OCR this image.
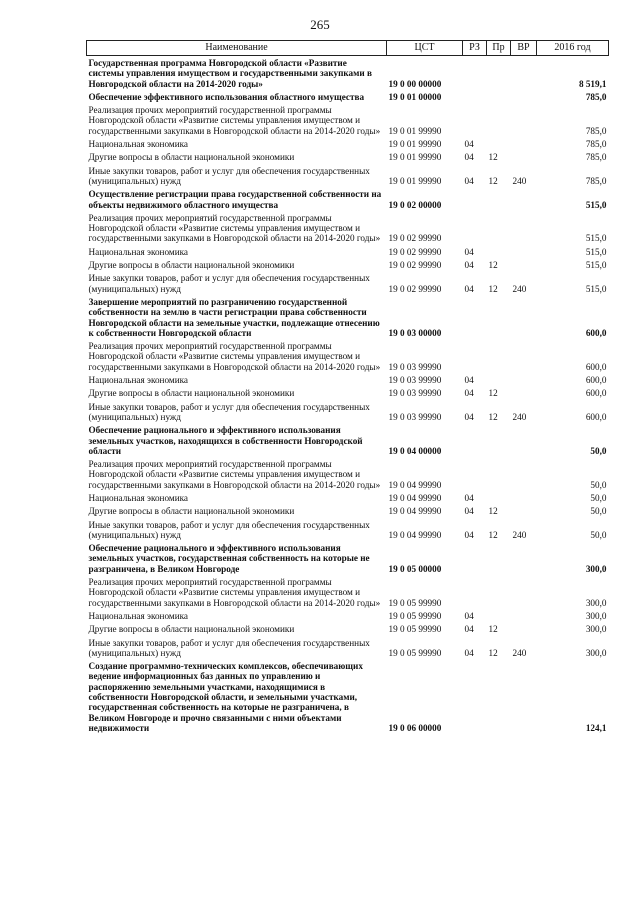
265
Наименование	ЦСТ	РЗ	Пр	ВР	2016 год
Государственная программа Новгородской области «Развитие системы управления имуществом и государственными закупками в Новгородской области на 2014-2020 годы»	19 0 00 00000				8 519,1
Обеспечение эффективного использования областного имущества	19 0 01 00000				785,0
Реализация прочих мероприятий государственной программы Новгородской области «Развитие системы управления имуществом и государственными закупками в Новгородской области на 2014-2020 годы»	19 0 01 99990				785,0
Национальная экономика	19 0 01 99990	04			785,0
Другие вопросы в области национальной экономики	19 0 01 99990	04	12		785,0
Иные закупки товаров, работ и услуг для обеспечения государственных (муниципальных) нужд	19 0 01 99990	04	12	240	785,0
Осуществление регистрации права государственной собственности на объекты недвижимого областного имущества	19 0 02 00000				515,0
Реализация прочих мероприятий государственной программы Новгородской области «Развитие системы управления имуществом и государственными закупками в Новгородской области на 2014-2020 годы»	19 0 02 99990				515,0
Национальная экономика	19 0 02 99990	04			515,0
Другие вопросы в области национальной экономики	19 0 02 99990	04	12		515,0
Иные закупки товаров, работ и услуг для обеспечения государственных (муниципальных) нужд	19 0 02 99990	04	12	240	515,0
Завершение мероприятий по разграничению государственной собственности на землю в части регистрации права собственности Новгородской области на земельные участки, подлежащие отнесению к собственности Новгородской области	19 0 03 00000				600,0
Реализация прочих мероприятий государственной программы Новгородской области «Развитие системы управления имуществом и государственными закупками в Новгородской области на 2014-2020 годы»	19 0 03 99990				600,0
Национальная экономика	19 0 03 99990	04			600,0
Другие вопросы в области национальной экономики	19 0 03 99990	04	12		600,0
Иные закупки товаров, работ и услуг для обеспечения государственных (муниципальных) нужд	19 0 03 99990	04	12	240	600,0
Обеспечение рационального и эффективного использования земельных участков, находящихся в собственности Новгородской области	19 0 04 00000				50,0
Реализация прочих мероприятий государственной программы Новгородской области «Развитие системы управления имуществом и государственными закупками в Новгородской области на 2014-2020 годы»	19 0 04 99990				50,0
Национальная экономика	19 0 04 99990	04			50,0
Другие вопросы в области национальной экономики	19 0 04 99990	04	12		50,0
Иные закупки товаров, работ и услуг для обеспечения государственных (муниципальных) нужд	19 0 04 99990	04	12	240	50,0
Обеспечение рационального и эффективного использования земельных участков, государственная собственность на которые не разграничена, в Великом Новгороде	19 0 05 00000				300,0
Реализация прочих мероприятий государственной программы Новгородской области «Развитие системы управления имуществом и государственными закупками в Новгородской области на 2014-2020 годы»	19 0 05 99990				300,0
Национальная экономика	19 0 05 99990	04			300,0
Другие вопросы в области национальной экономики	19 0 05 99990	04	12		300,0
Иные закупки товаров, работ и услуг для обеспечения государственных (муниципальных) нужд	19 0 05 99990	04	12	240	300,0
Создание программно-технических комплексов, обеспечивающих ведение информационных баз данных по управлению и распоряжению земельными участками, находящимися в собственности Новгородской области, и земельными участками, государственная собственность на которые не разграничена, в Великом Новгороде и прочно связанными с ними объектами недвижимости	19 0 06 00000				124,1
